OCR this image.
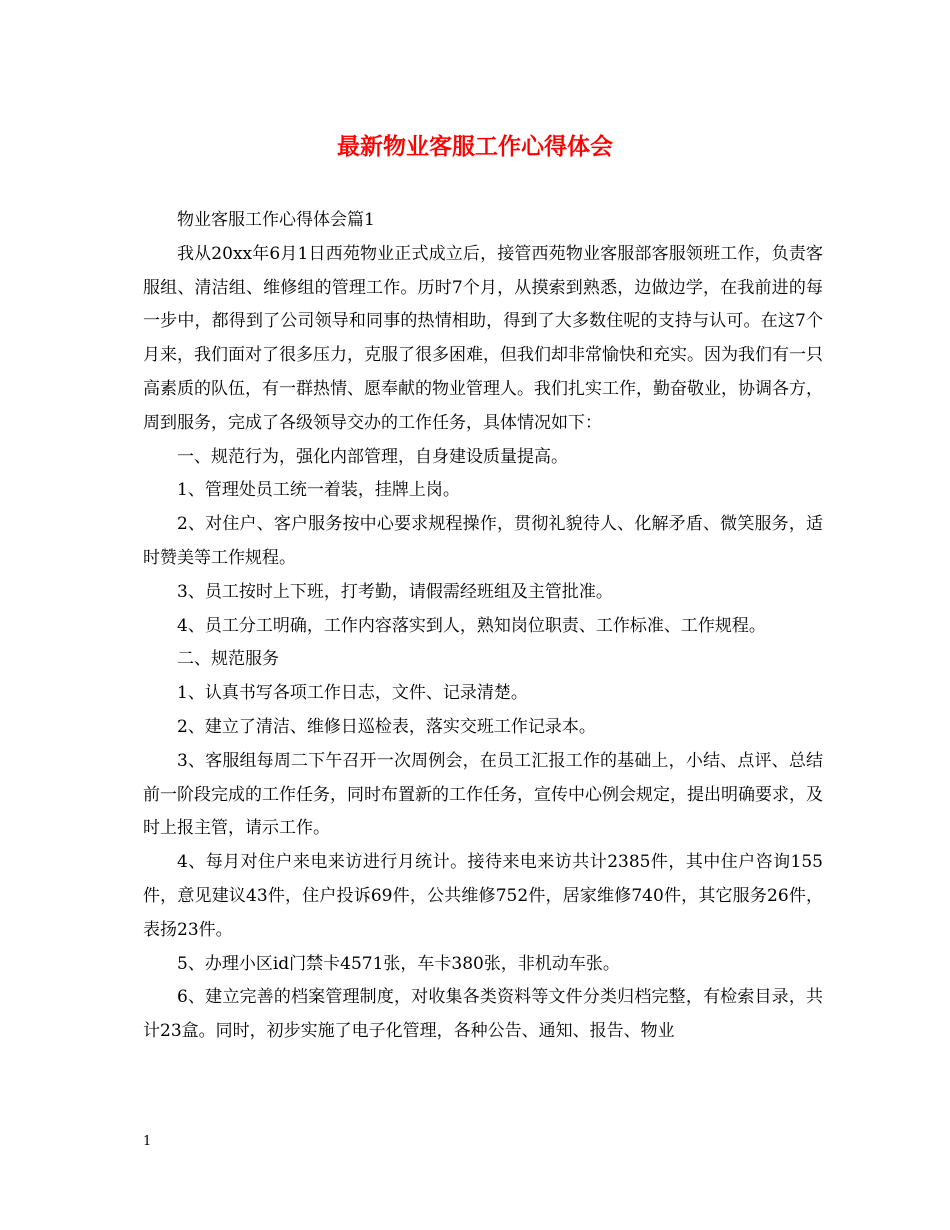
最新物业客服工作心得体会

物业客服工作心得体会篇1

我从20xx年6月1日西苑物业正式成立后，接管西苑物业客服部客服领班工作，负责客服组、清洁组、维修组的管理工作。历时7个月，从摸索到熟悉，边做边学，在我前进的每一步中，都得到了公司领导和同事的热情相助，得到了大多数住呢的支持与认可。在这7个月来，我们面对了很多压力，克服了很多困难，但我们却非常愉快和充实。因为我们有一只高素质的队伍，有一群热情、愿奉献的物业管理人。我们扎实工作，勤奋敬业，协调各方，周到服务，完成了各级领导交办的工作任务，具体情况如下：

一、规范行为，强化内部管理，自身建设质量提高。

1、管理处员工统一着装，挂牌上岗。

2、对住户、客户服务按中心要求规程操作，贯彻礼貌待人、化解矛盾、微笑服务，适时赞美等工作规程。

3、员工按时上下班，打考勤，请假需经班组及主管批准。

4、员工分工明确，工作内容落实到人，熟知岗位职责、工作标准、工作规程。

二、规范服务

1、认真书写各项工作日志，文件、记录清楚。

2、建立了清洁、维修日巡检表，落实交班工作记录本。

3、客服组每周二下午召开一次周例会，在员工汇报工作的基础上，小结、点评、总结前一阶段完成的工作任务，同时布置新的工作任务，宣传中心例会规定，提出明确要求，及时上报主管，请示工作。

4、每月对住户来电来访进行月统计。接待来电来访共计2385件，其中住户咨询155件，意见建议43件，住户投诉69件，公共维修752件，居家维修740件，其它服务26件，表扬23件。

5、办理小区id门禁卡4571张，车卡380张，非机动车张。

6、建立完善的档案管理制度，对收集各类资料等文件分类归档完整，有检索目录，共计23盒。同时，初步实施了电子化管理，各种公告、通知、报告、物业

1
